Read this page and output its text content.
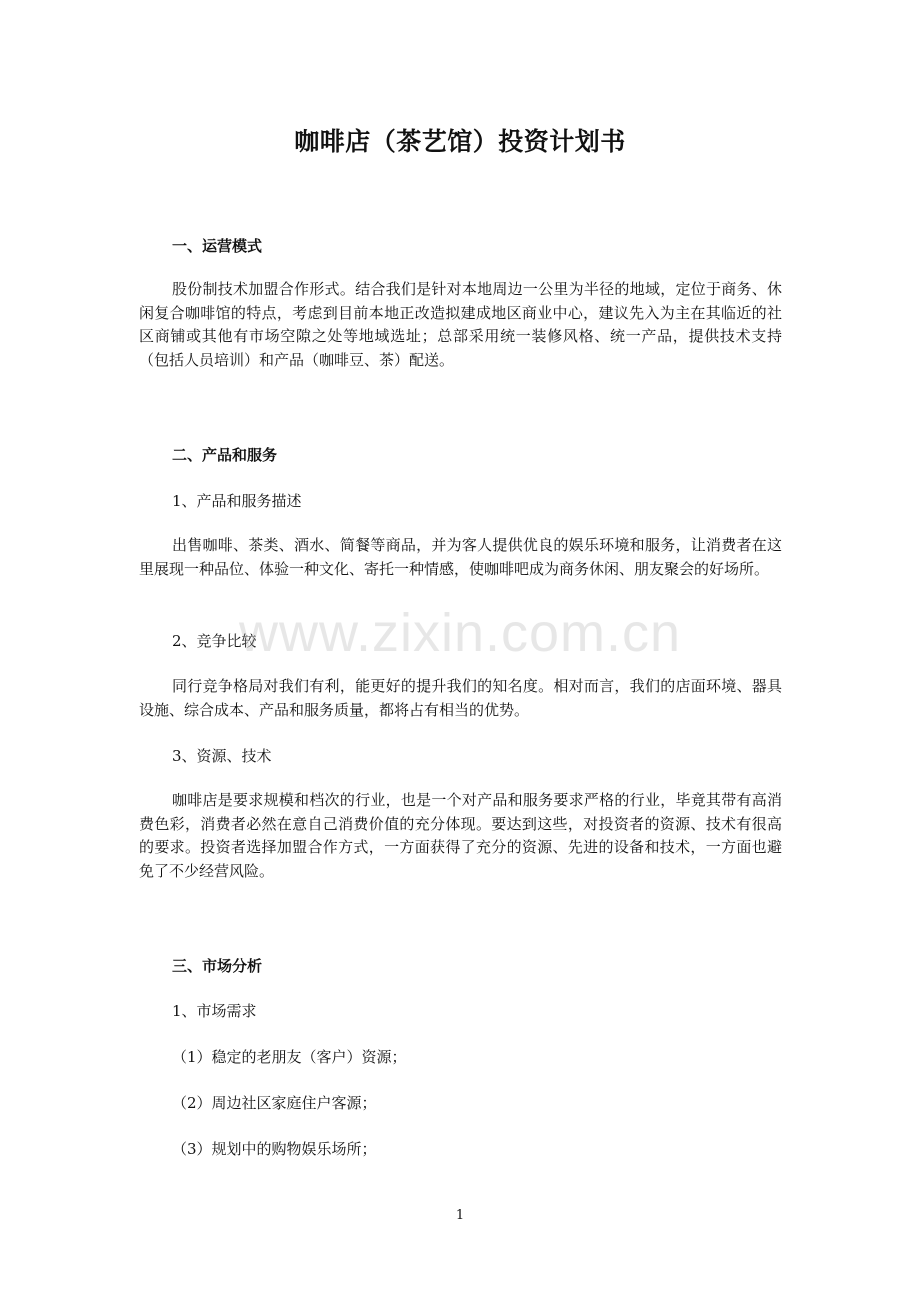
咖啡店（茶艺馆）投资计划书
一、运营模式
股份制技术加盟合作形式。结合我们是针对本地周边一公里为半径的地域，定位于商务、休闲复合咖啡馆的特点，考虑到目前本地正改造拟建成地区商业中心，建议先入为主在其临近的社区商铺或其他有市场空隙之处等地域选址；总部采用统一装修风格、统一产品，提供技术支持（包括人员培训）和产品（咖啡豆、茶）配送。
二、产品和服务
1、产品和服务描述
出售咖啡、茶类、酒水、简餐等商品，并为客人提供优良的娱乐环境和服务，让消费者在这里展现一种品位、体验一种文化、寄托一种情感，使咖啡吧成为商务休闲、朋友聚会的好场所。
2、竞争比较
同行竞争格局对我们有利，能更好的提升我们的知名度。相对而言，我们的店面环境、器具设施、综合成本、产品和服务质量，都将占有相当的优势。
3、资源、技术
咖啡店是要求规模和档次的行业，也是一个对产品和服务要求严格的行业，毕竟其带有高消费色彩，消费者必然在意自己消费价值的充分体现。要达到这些，对投资者的资源、技术有很高的要求。投资者选择加盟合作方式，一方面获得了充分的资源、先进的设备和技术，一方面也避免了不少经营风险。
三、市场分析
1、市场需求
（1）稳定的老朋友（客户）资源；
（2）周边社区家庭住户客源；
（3）规划中的购物娱乐场所；
www.zixin.com.cn
1
